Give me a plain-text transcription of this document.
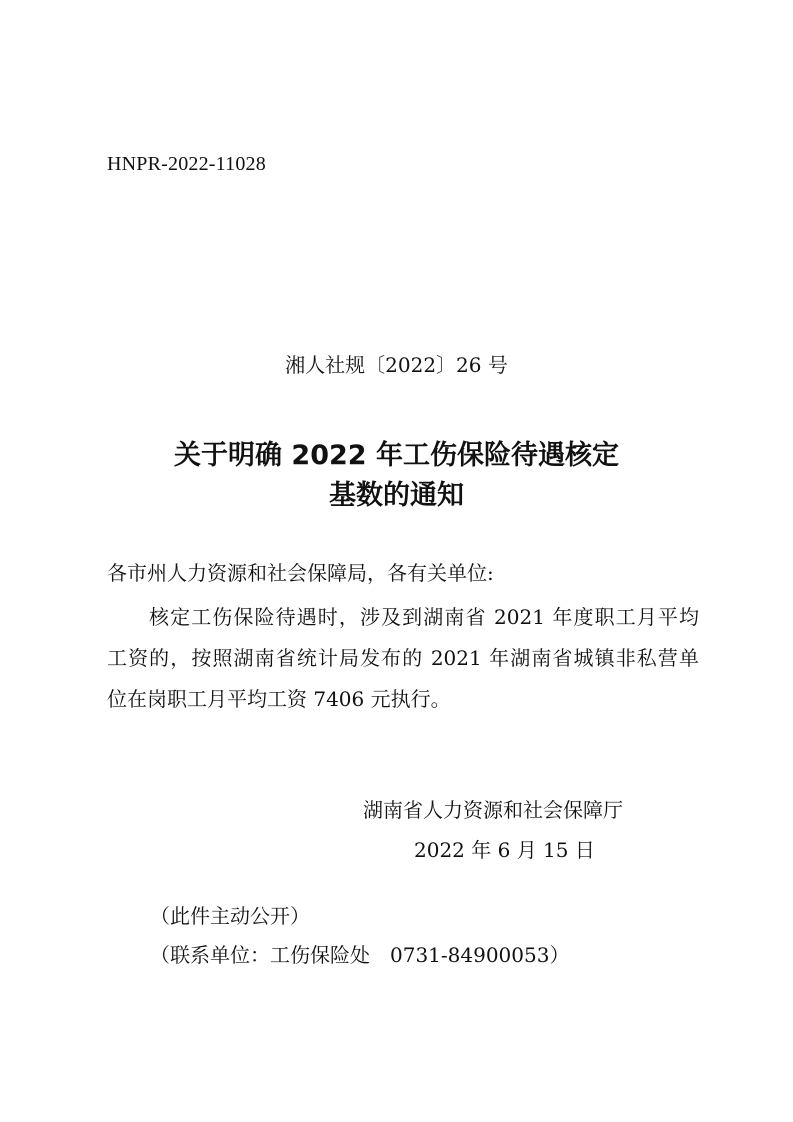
HNPR-2022-11028
湘人社规〔2022〕26 号
关于明确 2022 年工伤保险待遇核定
基数的通知
各市州人力资源和社会保障局，各有关单位:
核定工伤保险待遇时，涉及到湖南省 2021 年度职工月平均
工资的，按照湖南省统计局发布的 2021 年湖南省城镇非私营单
位在岗职工月平均工资 7406 元执行。
湖南省人力资源和社会保障厅
2022 年 6 月 15 日
（此件主动公开）
（联系单位：工伤保险处　0731-84900053）
